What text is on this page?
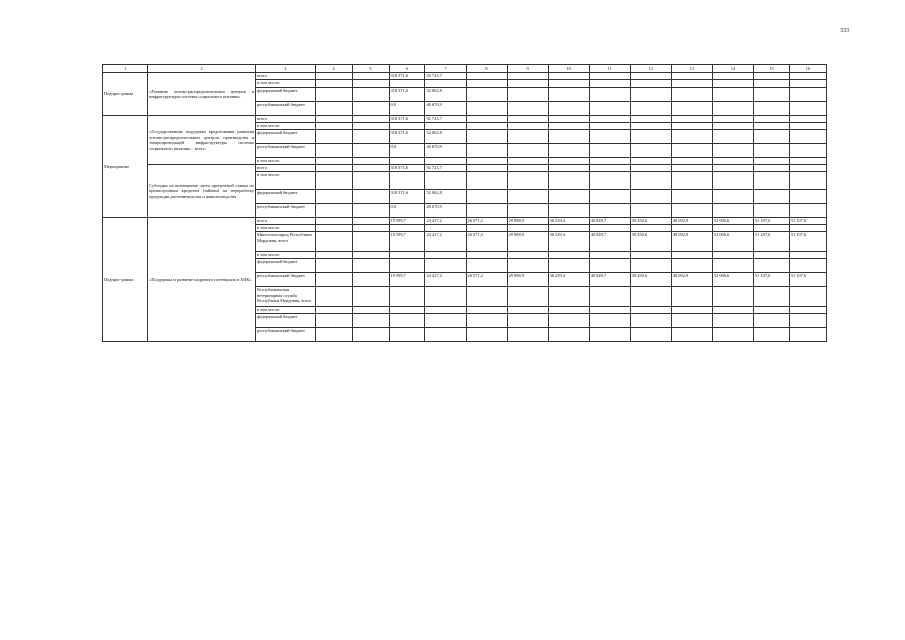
333
1	2	3	4	5	6	7	8	9	10	11	12	13	14	15	16
Подпрог-рамма	«Развитие оптово-распределительных центров и инфраструктуры системы социального питания»	всего			318 371,6	92 723,7									
		в том числе:													
		федеральный бюджет			318 371,6	52 062,8									
		республиканский бюджет			0,0	40 670,9									
Мероприятие	«Государственная поддержка кредитования развития оптово-распределительных центров, производства и товаропроводящей инфраструктуры системы социального питания» - всего:	всего			318 371,6	92 723,7									
		в том числе:													
		федеральный бюджет			318 371,6	52 062,8									
		республиканский бюджет			0,0	40 670,9									
		в том числе:													
	Субсидии на возмещение части процентной ставки по краткосрочным кредитам (займам) на переработку продукции растениеводства и животноводства	всего			318 371,6	92 723,7									
		в том числе:													
		федеральный бюджет			318 371,6	52 062,8									
		республиканский бюджет			0,0	40 670,9									
Подпрог-рамма	«Поддержка и развитие кадрового потенциала в АПК»	всего			19 599,7	24 417,2	26 571,2	29 988,9	36 239,4	40 849,7	39 450,6	48 092,9	52 006,6	51 107,6	51 107,6
		в том числе:													
		Минсельхозпрод Республики Мордовия, всего			19 599,7	24 417,2	26 571,2	29 988,9	36 239,4	40 849,7	39 450,6	48 092,9	52 006,6	51 107,6	51 107,6
		в том числе:													
		федеральный бюджет													
		республиканский бюджет			19 599,7	24 417,2	26 571,2	29 988,9	36 239,4	40 849,7	39 450,6	48 092,9	52 006,6	51 107,6	51 107,6
		Республиканская ветеринарная служба Республики Мордовия, всего													
		в том числе:													
		федеральный бюджет													
		республиканский бюджет													
